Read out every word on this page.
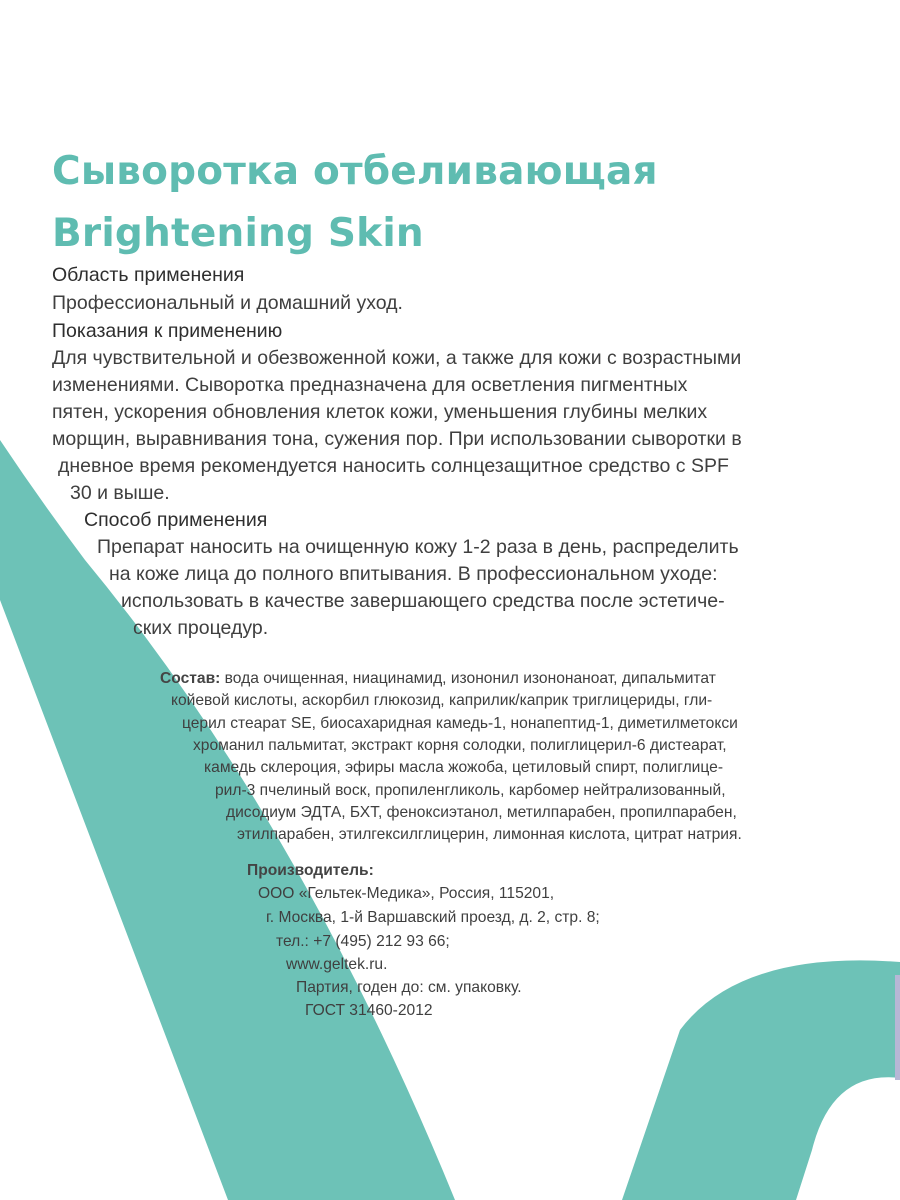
Сыворотка отбеливающая
Brightening Skin

Область применения

Профессиональный и домашний уход.

Показания к применению

Для чувствительной и обезвоженной кожи, а также для кожи с возрастными

изменениями. Сыворотка предназначена для осветления пигментных

пятен, ускорения обновления клеток кожи, уменьшения глубины мелких

морщин, выравнивания тона, сужения пор. При использовании сыворотки в

дневное время рекомендуется наносить солнцезащитное средство с SPF

30 и выше.

Способ применения

Препарат наносить на очищенную кожу 1-2 раза в день, распределить

на коже лица до полного впитывания. В профессиональном уходе:

использовать в качестве завершающего средства после эстетиче-

ских процедур.

Состав: вода очищенная, ниацинамид, изононил изононаноат, дипальмитат

койевой кислоты, аскорбил глюкозид, каприлик/каприк триглицериды, гли-

церил стеарат SE, биосахаридная камедь-1, нонапептид-1, диметилметокси

хроманил пальмитат, экстракт корня солодки, полиглицерил-6 дистеарат,

камедь склероция, эфиры масла жожоба, цетиловый спирт, полиглице-

рил-3 пчелиный воск, пропиленгликоль, карбомер нейтрализованный,

дисодиум ЭДТА, БХТ, феноксиэтанол, метилпарабен, пропилпарабен,

этилпарабен, этилгексилглицерин, лимонная кислота, цитрат натрия.

Производитель:

ООО «Гельтек-Медика», Россия, 115201,

г. Москва, 1-й Варшавский проезд, д. 2, стр. 8;

тел.: +7 (495) 212 93 66;

www.geltek.ru.

Партия, годен до: см. упаковку.

ГОСТ 31460-2012
